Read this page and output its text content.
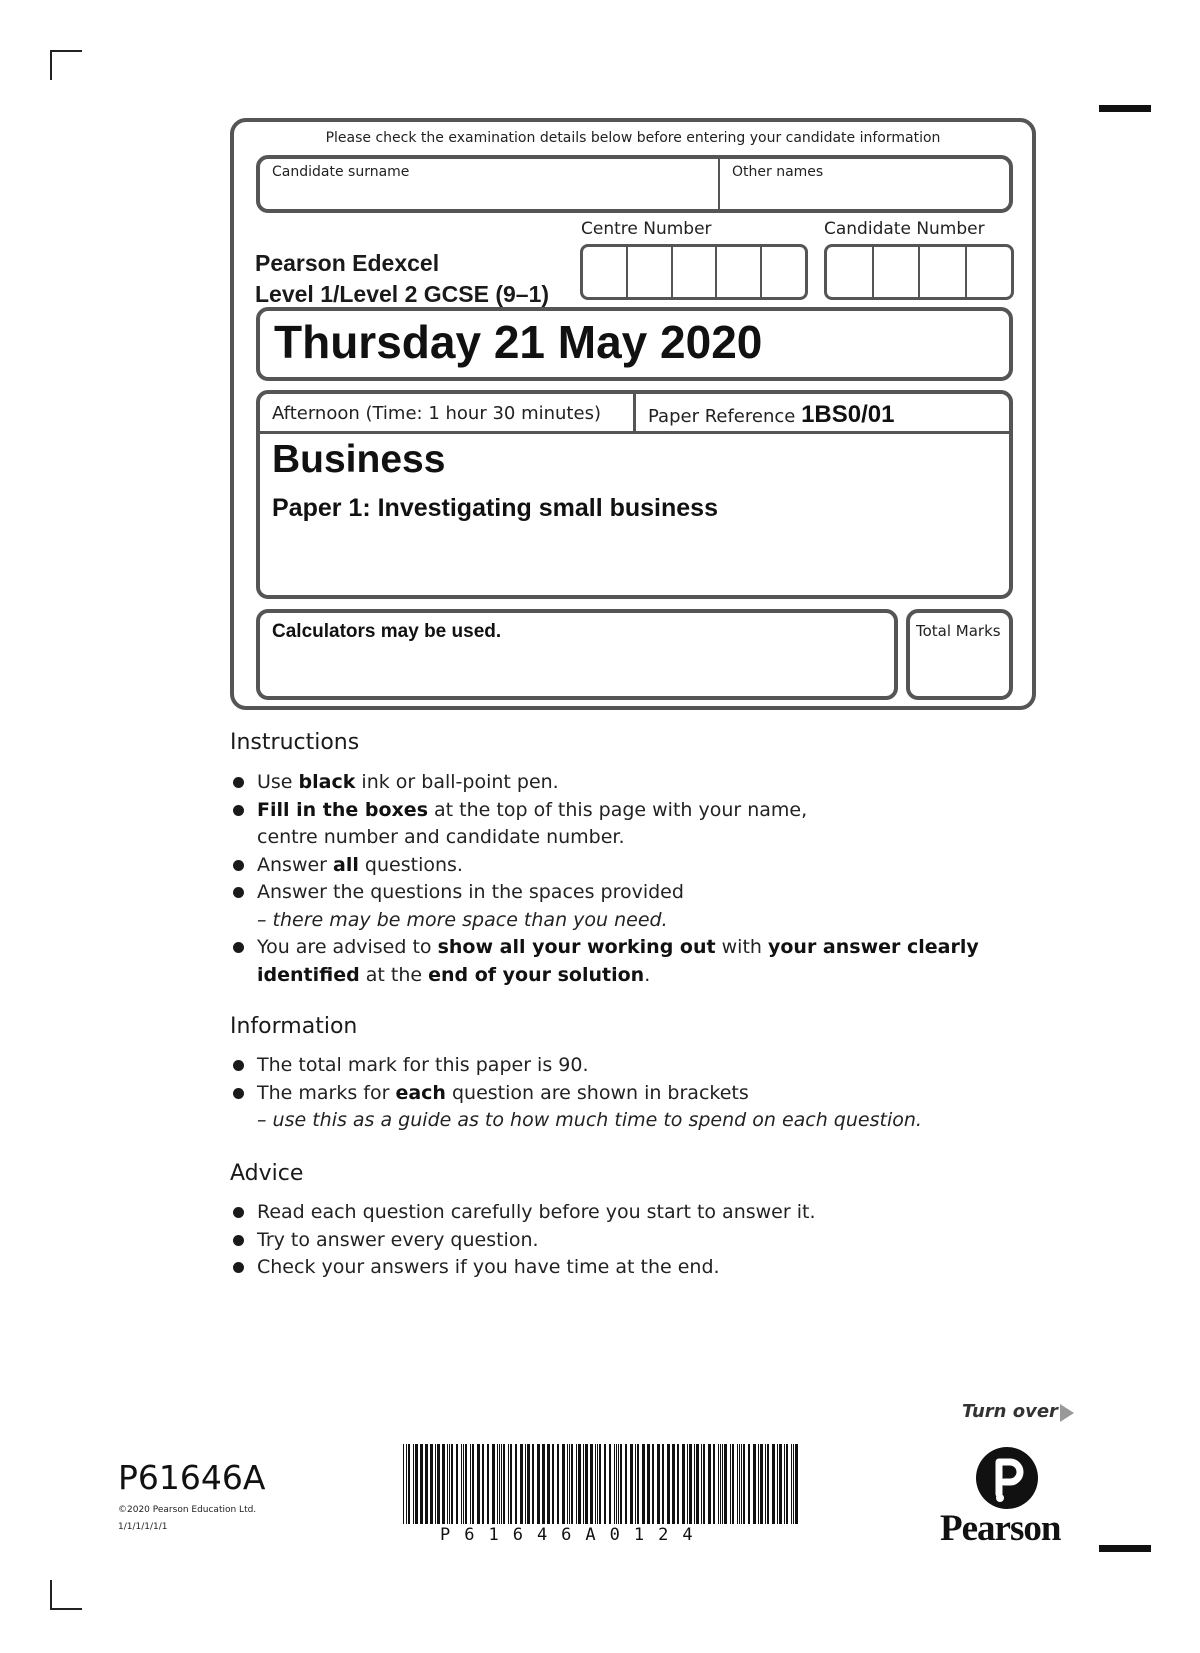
Please check the examination details below before entering your candidate information
Candidate surname	Other names
Centre Number	Candidate Number
Pearson Edexcel
Level 1/Level 2 GCSE (9–1)
Thursday 21 May 2020
Afternoon (Time: 1 hour 30 minutes)	Paper Reference 1BS0/01
Business
Paper 1: Investigating small business
Calculators may be used.	Total Marks
Instructions
Use black ink or ball-point pen.
Fill in the boxes at the top of this page with your name,
centre number and candidate number.
Answer all questions.
Answer the questions in the spaces provided
– there may be more space than you need.
You are advised to show all your working out with your answer clearly
identified at the end of your solution.
Information
The total mark for this paper is 90.
The marks for each question are shown in brackets
– use this as a guide as to how much time to spend on each question.
Advice
Read each question carefully before you start to answer it.
Try to answer every question.
Check your answers if you have time at the end.
Turn over
P61646A
©2020 Pearson Education Ltd.
1/1/1/1/1/1	P61646A0124	Pearson
